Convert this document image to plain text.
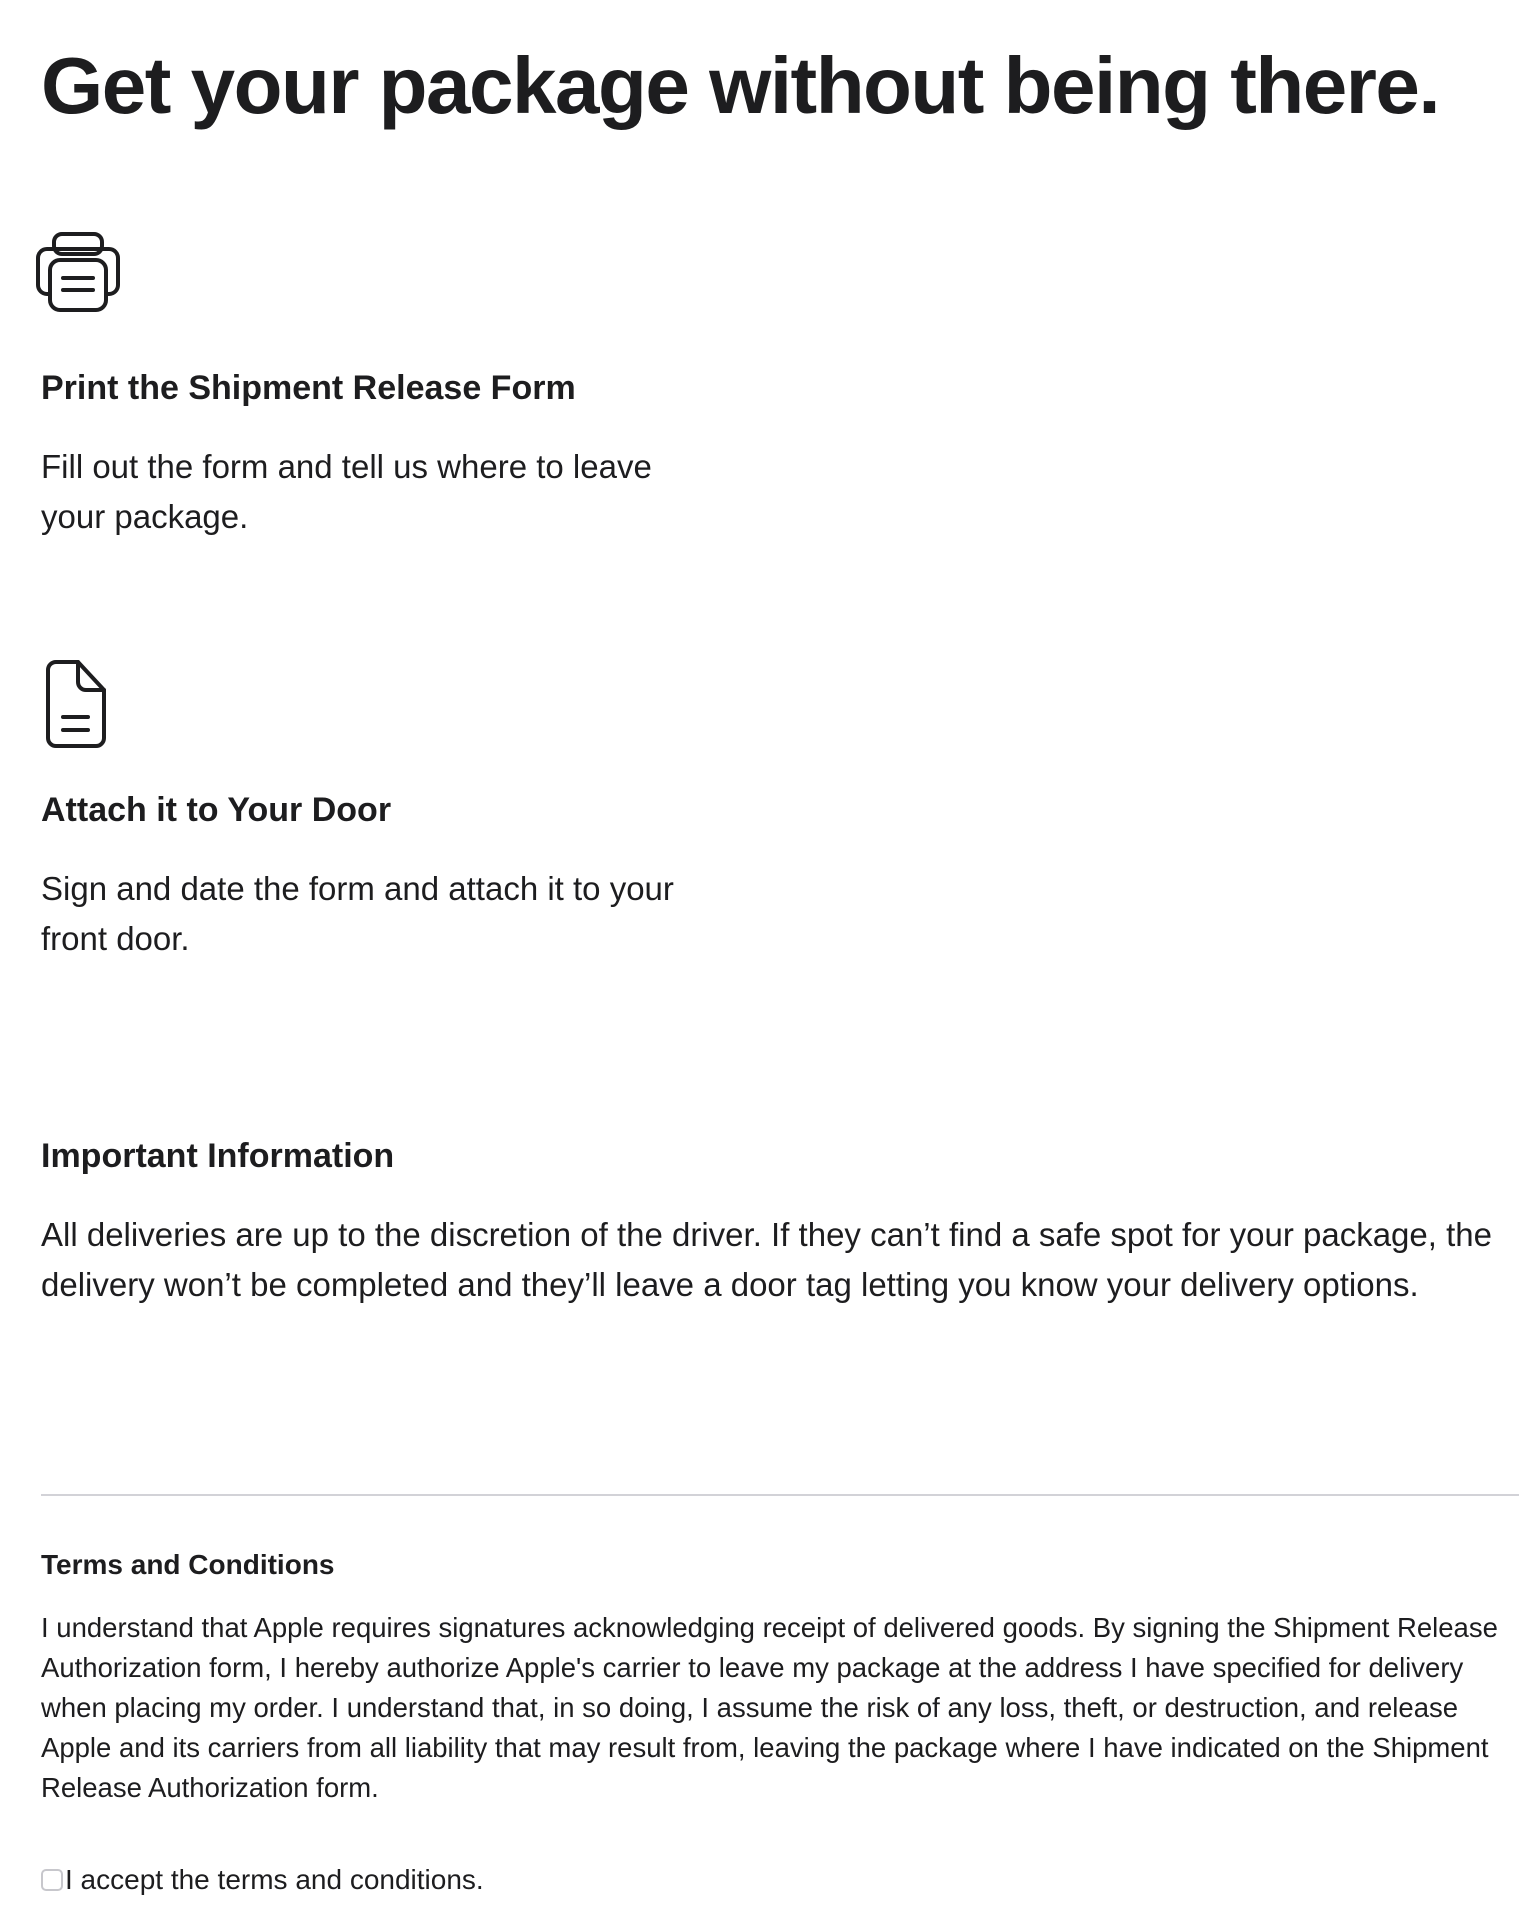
Get your package without being there.
Print the Shipment Release Form

Fill out the form and tell us where to leave your package.

Attach it to Your Door

Sign and date the form and attach it to your front door.

Important Information

All deliveries are up to the discretion of the driver. If they can’t find a safe spot for your package, the delivery won’t be completed and they’ll leave a door tag letting you know your delivery options.

Terms and Conditions

I understand that Apple requires signatures acknowledging receipt of delivered goods. By signing the Shipment Release Authorization form, I hereby authorize Apple's carrier to leave my package at the address I have specified for delivery when placing my order. I understand that, in so doing, I assume the risk of any loss, theft, or destruction, and release Apple and its carriers from all liability that may result from, leaving the package where I have indicated on the Shipment Release Authorization form.

I accept the terms and conditions.
